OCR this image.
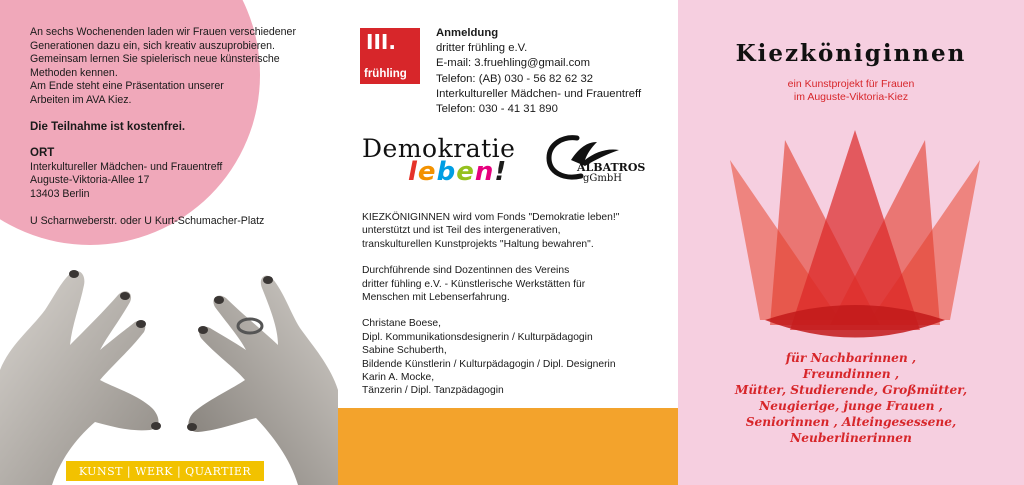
An sechs Wochenenden laden wir Frauen verschiedener
Generationen dazu ein, sich kreativ auszuprobieren.
Gemeinsam lernen Sie spielerisch neue künsterische
Methoden kennen.
Am Ende steht eine Präsentation unserer
Arbeiten im AVA Kiez.

Die Teilnahme ist kostenfrei.

ORT

Interkultureller Mädchen- und Frauentreff
Auguste-Viktoria-Allee 17
13403 Berlin

U Scharnweberstr. oder U Kurt-Schumacher-Platz

KUNST | WERK | QUARTIER
III.
frühling
Anmeldung
dritter frühling e.V.
E-mail: 3.fruehling@gmail.com
Telefon: (AB) 030 - 56 82 62 32
Interkultureller Mädchen- und Frauentreff
Telefon: 030 - 41 31 890
Demokratie
leben!	ALBATROS
gGmbH

KIEZKÖNIGINNEN wird vom Fonds "Demokratie leben!"
unterstützt und ist Teil des intergenerativen,
transkulturellen Kunstprojekts "Haltung bewahren".

Durchführende sind Dozentinnen des Vereins
dritter fühling e.V. - Künstlerische Werkstätten für
Menschen mit Lebenserfahrung.

Christane Boese,
Dipl. Kommunikationsdesignerin / Kulturpädagogin
Sabine Schuberth,
Bildende Künstlerin / Kulturpädagogin / Dipl. Designerin
Karin A. Mocke,
Tänzerin / Dipl. Tanzpädagogin

Kiezköniginnen
ein Kunstprojekt für Frauen
im Auguste-Viktoria-Kiez
für Nachbarinnen ,
Freundinnen ,
Mütter, Studierende, Großmütter,
Neugierige, junge Frauen ,
Seniorinnen , Alteingesessene,
Neuberlinerinnen
